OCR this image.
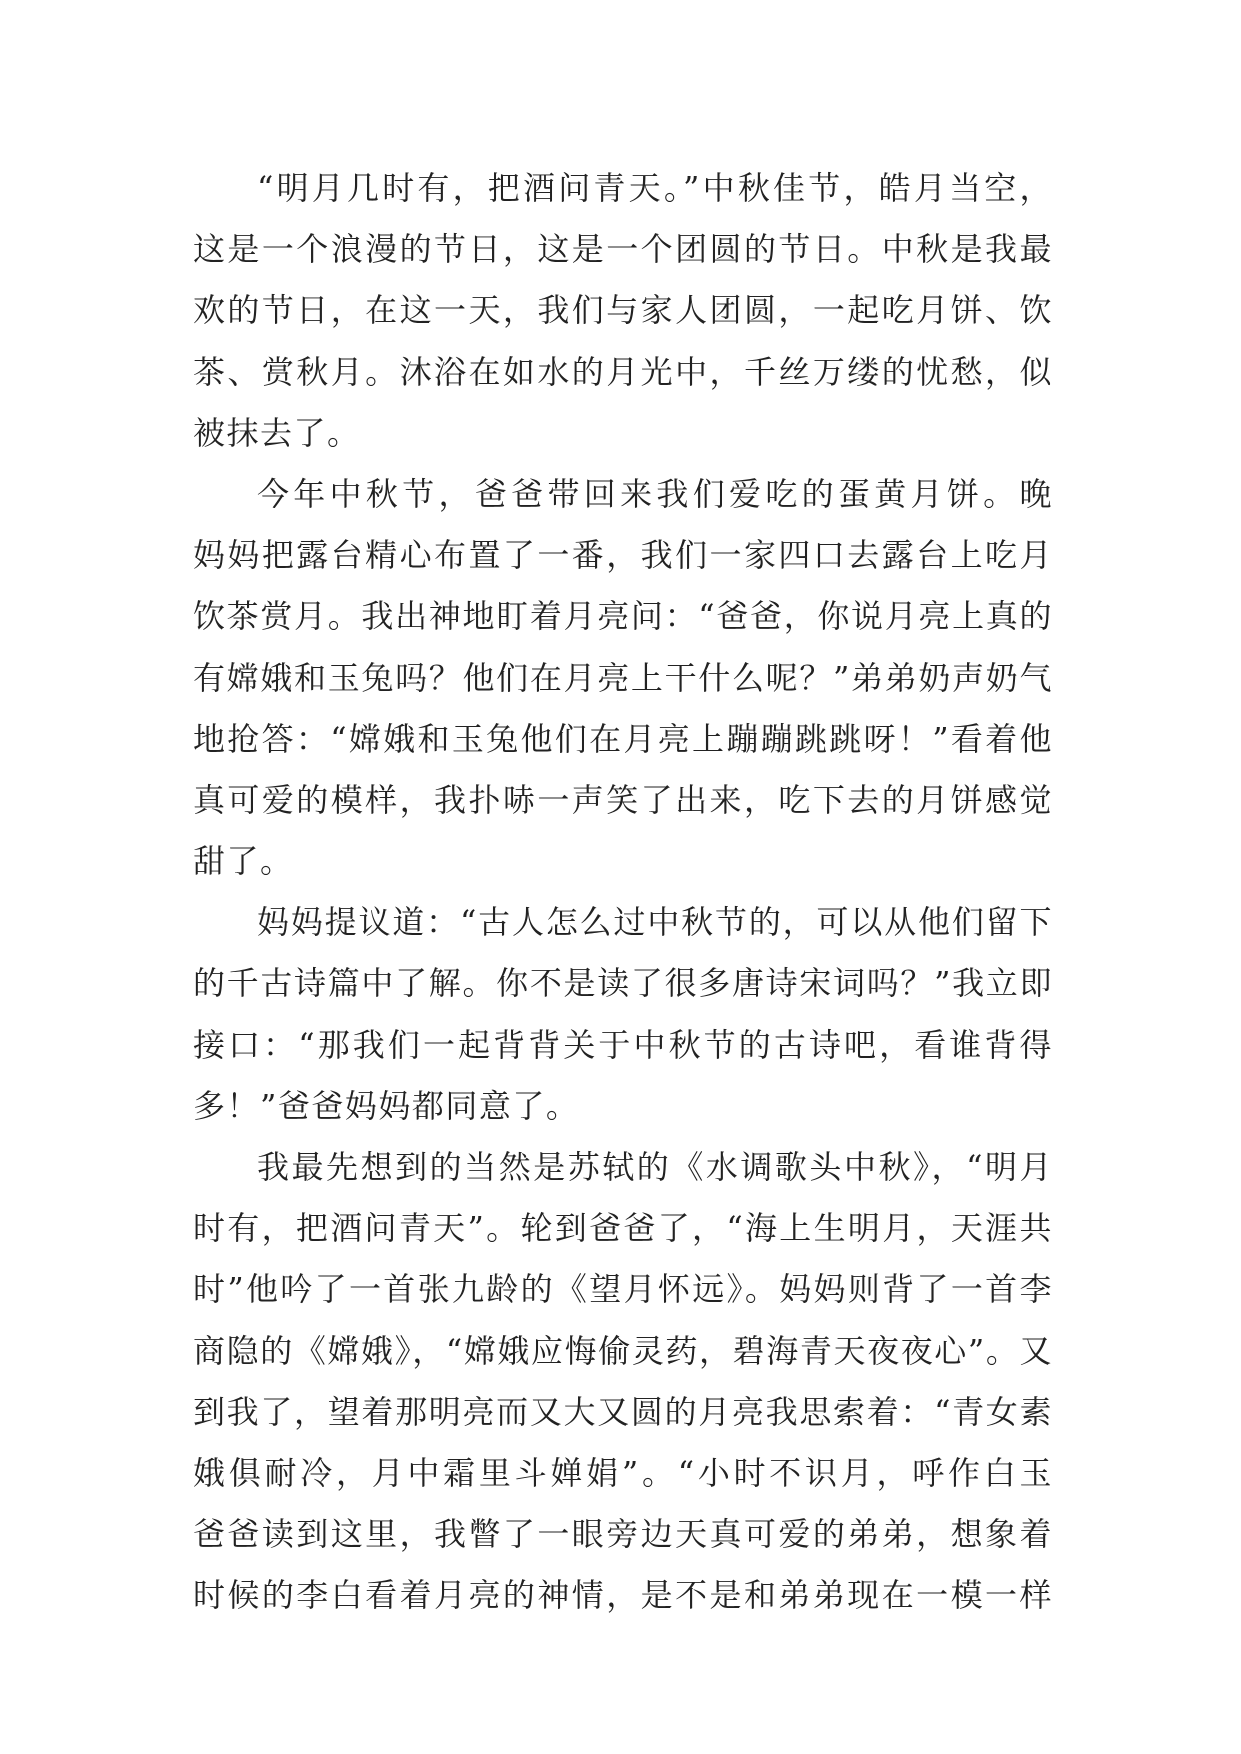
“明月几时有，把酒问青天。”中秋佳节，皓月当空，
这是一个浪漫的节日，这是一个团圆的节日。中秋是我最
欢的节日，在这一天，我们与家人团圆，一起吃月饼、饮
茶、赏秋月。沐浴在如水的月光中，千丝万缕的忧愁，似
被抹去了。
今年中秋节，爸爸带回来我们爱吃的蛋黄月饼。晚
妈妈把露台精心布置了一番，我们一家四口去露台上吃月
饮茶赏月。我出神地盯着月亮问：“爸爸，你说月亮上真的
有嫦娥和玉兔吗？他们在月亮上干什么呢？”弟弟奶声奶气
地抢答：“嫦娥和玉兔他们在月亮上蹦蹦跳跳呀！”看着他
真可爱的模样，我扑哧一声笑了出来，吃下去的月饼感觉
甜了。
妈妈提议道：“古人怎么过中秋节的，可以从他们留下
的千古诗篇中了解。你不是读了很多唐诗宋词吗？”我立即
接口：“那我们一起背背关于中秋节的古诗吧，看谁背得
多！”爸爸妈妈都同意了。
我最先想到的当然是苏轼的《水调歌头中秋》，“明月
时有，把酒问青天”。轮到爸爸了，“海上生明月，天涯共
时”他吟了一首张九龄的《望月怀远》。妈妈则背了一首李
商隐的《嫦娥》，“嫦娥应悔偷灵药，碧海青天夜夜心”。又
到我了，望着那明亮而又大又圆的月亮我思索着：“青女素
娥俱耐冷，月中霜里斗婵娟”。“小时不识月，呼作白玉
爸爸读到这里，我瞥了一眼旁边天真可爱的弟弟，想象着
时候的李白看着月亮的神情，是不是和弟弟现在一模一样
